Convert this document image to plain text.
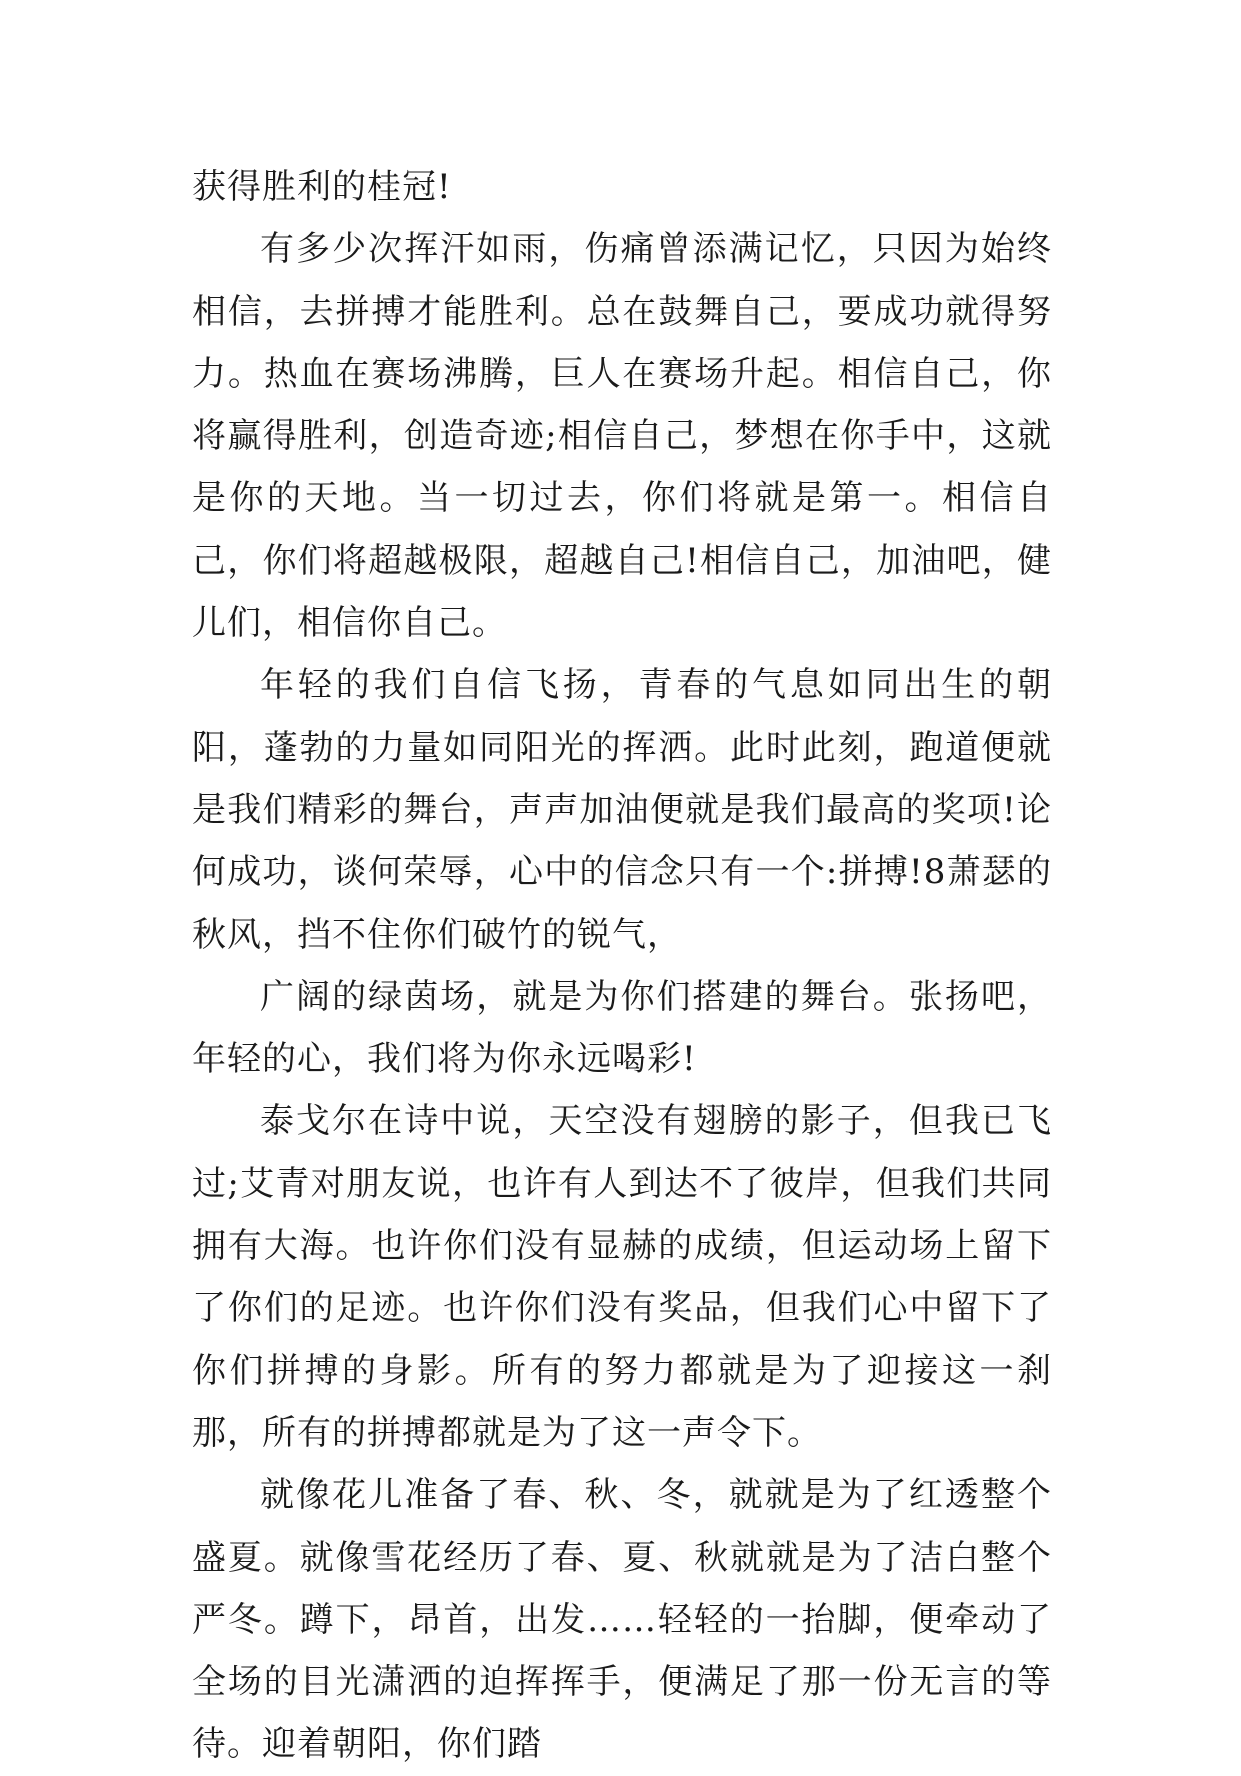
获得胜利的桂冠!

有多少次挥汗如雨，伤痛曾添满记忆，只因为始终相信，去拼搏才能胜利。总在鼓舞自己，要成功就得努力。热血在赛场沸腾，巨人在赛场升起。相信自己，你将赢得胜利，创造奇迹;相信自己，梦想在你手中，这就是你的天地。当一切过去，你们将就是第一。相信自己，你们将超越极限，超越自己!相信自己，加油吧，健儿们，相信你自己。

年轻的我们自信飞扬，青春的气息如同出生的朝阳，蓬勃的力量如同阳光的挥洒。此时此刻，跑道便就是我们精彩的舞台，声声加油便就是我们最高的奖项!论何成功，谈何荣辱，心中的信念只有一个:拼搏!8萧瑟的秋风，挡不住你们破竹的锐气，

广阔的绿茵场，就是为你们搭建的舞台。张扬吧，年轻的心，我们将为你永远喝彩!

泰戈尔在诗中说，天空没有翅膀的影子，但我已飞过;艾青对朋友说，也许有人到达不了彼岸，但我们共同拥有大海。也许你们没有显赫的成绩，但运动场上留下了你们的足迹。也许你们没有奖品，但我们心中留下了你们拼搏的身影。所有的努力都就是为了迎接这一刹那，所有的拼搏都就是为了这一声令下。

就像花儿准备了春、秋、冬，就就是为了红透整个盛夏。就像雪花经历了春、夏、秋就就是为了洁白整个严冬。蹲下，昂首，出发……轻轻的一抬脚，便牵动了全场的目光潇洒的迫挥挥手，便满足了那一份无言的等待。迎着朝阳，你们踏
